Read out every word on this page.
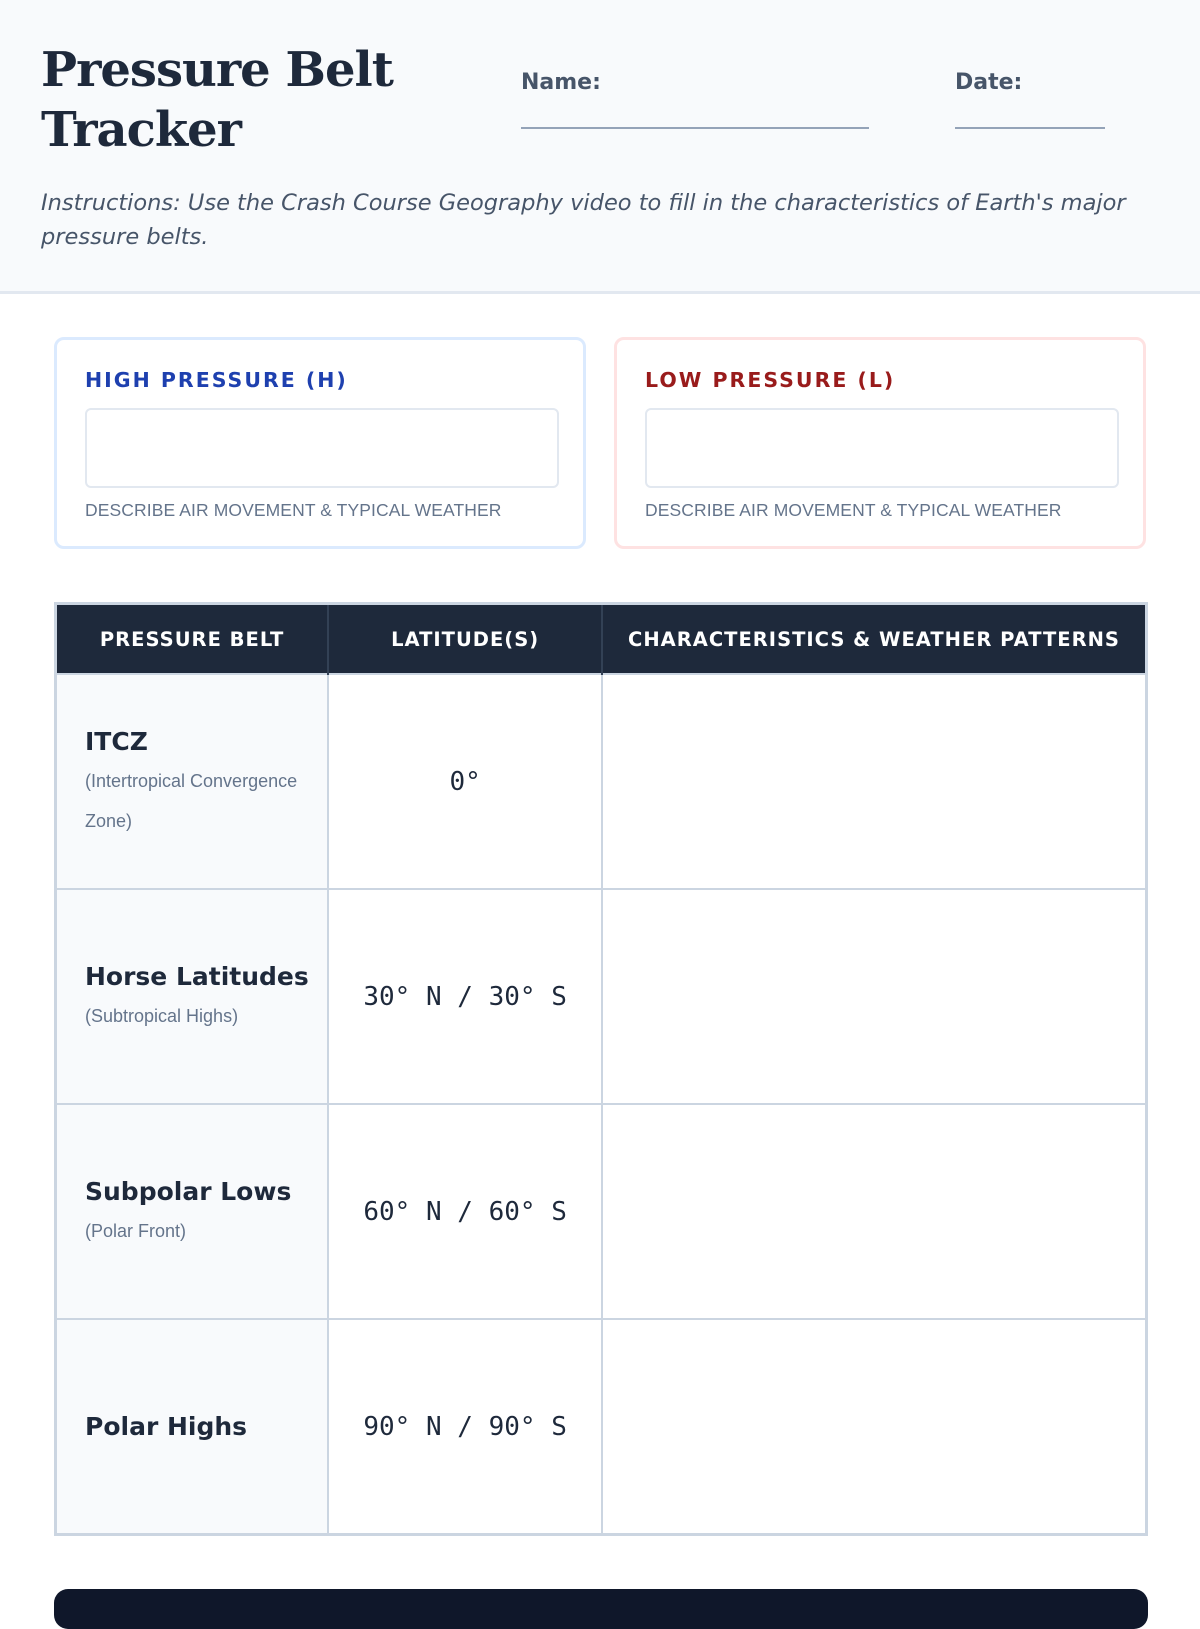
Pressure Belt Tracker
Name:	Date:

Instructions: Use the Crash Course Geography video to fill in the characteristics of Earth's major pressure belts.

HIGH PRESSURE (H)
DESCRIBE AIR MOVEMENT & TYPICAL WEATHER
LOW PRESSURE (L)
DESCRIBE AIR MOVEMENT & TYPICAL WEATHER
PRESSURE BELT	LATITUDE(S)	CHARACTERISTICS & WEATHER PATTERNS

ITCZ
(Intertropical Convergence Zone)	0°	

Horse Latitudes
(Subtropical Highs)	30° N / 30° S	

Subpolar Lows
(Polar Front)	60° N / 60° S	

Polar Highs	90° N / 90° S	
